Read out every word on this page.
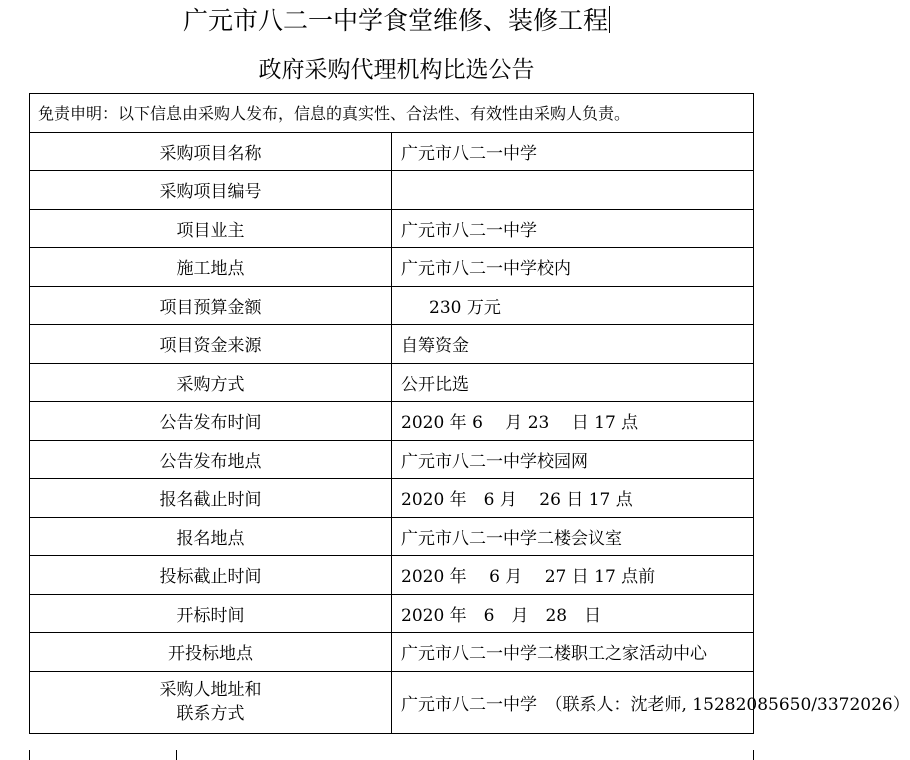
广元市八二一中学食堂维修、装修工程
政府采购代理机构比选公告
免责申明：以下信息由采购人发布，信息的真实性、合法性、有效性由采购人负责。	
采购项目名称	广元市八二一中学
采购项目编号	
项目业主	广元市八二一中学
施工地点	广元市八二一中学校内
项目预算金额	230 万元
项目资金来源	自筹资金
采购方式	公开比选
公告发布时间	2020 年 6　 月 23　 日 17 点
公告发布地点	广元市八二一中学校园网
报名截止时间	2020 年　6 月　 26 日 17 点
报名地点	广元市八二一中学二楼会议室
投标截止时间	2020 年　 6 月　 27 日 17 点前
开标时间	2020 年　6　月　28　日
开投标地点	广元市八二一中学二楼职工之家活动中心
采购人地址和
联系方式	广元市八二一中学　（联系人：沈老师, 15282085650/3372026）
